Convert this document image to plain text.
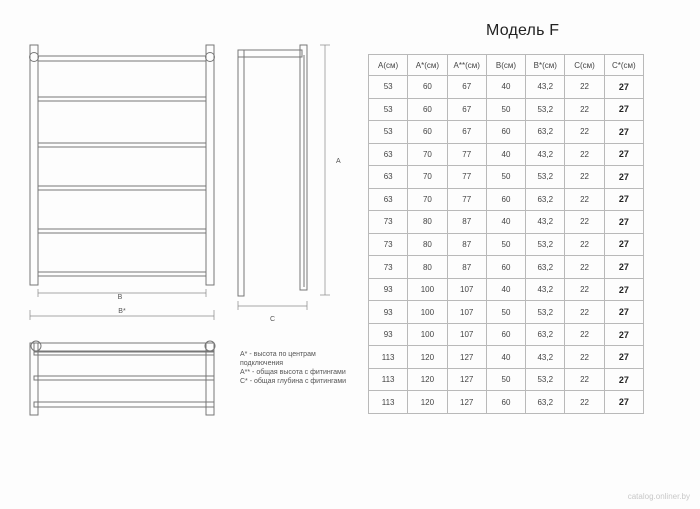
B
B*
A
C
Модель F
A* - высота по центрам подключения
A** - общая высота с фитингами
C* - общая глубина с фитингами
А(см)	А*(см)	А**(см)	В(см)	В*(см)	С(см)	С*(см)
53	60	67	40	43,2	22	27
53	60	67	50	53,2	22	27
53	60	67	60	63,2	22	27
63	70	77	40	43,2	22	27
63	70	77	50	53,2	22	27
63	70	77	60	63,2	22	27
73	80	87	40	43,2	22	27
73	80	87	50	53,2	22	27
73	80	87	60	63,2	22	27
93	100	107	40	43,2	22	27
93	100	107	50	53,2	22	27
93	100	107	60	63,2	22	27
113	120	127	40	43,2	22	27
113	120	127	50	53,2	22	27
113	120	127	60	63,2	22	27
catalog.onliner.by
